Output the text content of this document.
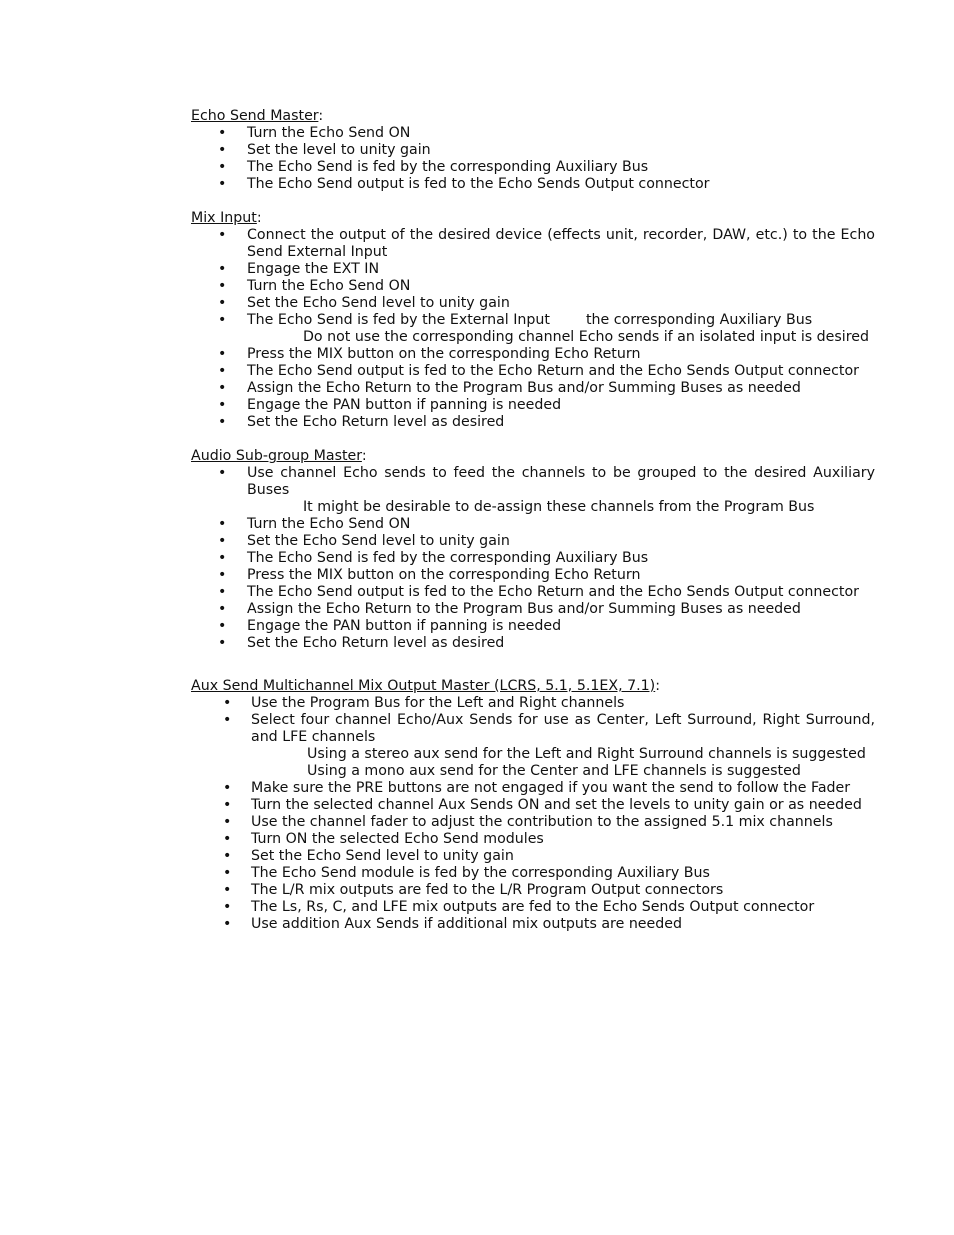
Echo Send Master:
• Turn the Echo Send ON
• Set the level to unity gain
• The Echo Send is fed by the corresponding Auxiliary Bus
• The Echo Send output is fed to the Echo Sends Output connector
Mix Input:
• Connect the output of the desired device (effects unit, recorder, DAW, etc.) to the Echo Send External Input
• Engage the EXT IN
• Turn the Echo Send ON
• Set the Echo Send level to unity gain
• The Echo Send is fed by the External Input	the corresponding Auxiliary Bus
Do not use the corresponding channel Echo sends if an isolated input is desired
• Press the MIX button on the corresponding Echo Return
• The Echo Send output is fed to the Echo Return and the Echo Sends Output connector
• Assign the Echo Return to the Program Bus and/or Summing Buses as needed
• Engage the PAN button if panning is needed
• Set the Echo Return level as desired
Audio Sub-group Master:
• Use channel Echo sends to feed the channels to be grouped to the desired Auxiliary Buses
It might be desirable to de-assign these channels from the Program Bus
• Turn the Echo Send ON
• Set the Echo Send level to unity gain
• The Echo Send is fed by the corresponding Auxiliary Bus
• Press the MIX button on the corresponding Echo Return
• The Echo Send output is fed to the Echo Return and the Echo Sends Output connector
• Assign the Echo Return to the Program Bus and/or Summing Buses as needed
• Engage the PAN button if panning is needed
• Set the Echo Return level as desired
Aux Send Multichannel Mix Output Master (LCRS, 5.1, 5.1EX, 7.1):
• Use the Program Bus for the Left and Right channels
• Select four channel Echo/Aux Sends for use as Center, Left Surround, Right Surround, and LFE channels
Using a stereo aux send for the Left and Right Surround channels is suggested
Using a mono aux send for the Center and LFE channels is suggested
• Make sure the PRE buttons are not engaged if you want the send to follow the Fader
• Turn the selected channel Aux Sends ON and set the levels to unity gain or as needed
• Use the channel fader to adjust the contribution to the assigned 5.1 mix channels
• Turn ON the selected Echo Send modules
• Set the Echo Send level to unity gain
• The Echo Send module is fed by the corresponding Auxiliary Bus
• The L/R mix outputs are fed to the L/R Program Output connectors
• The Ls, Rs, C, and LFE mix outputs are fed to the Echo Sends Output connector
• Use addition Aux Sends if additional mix outputs are needed
